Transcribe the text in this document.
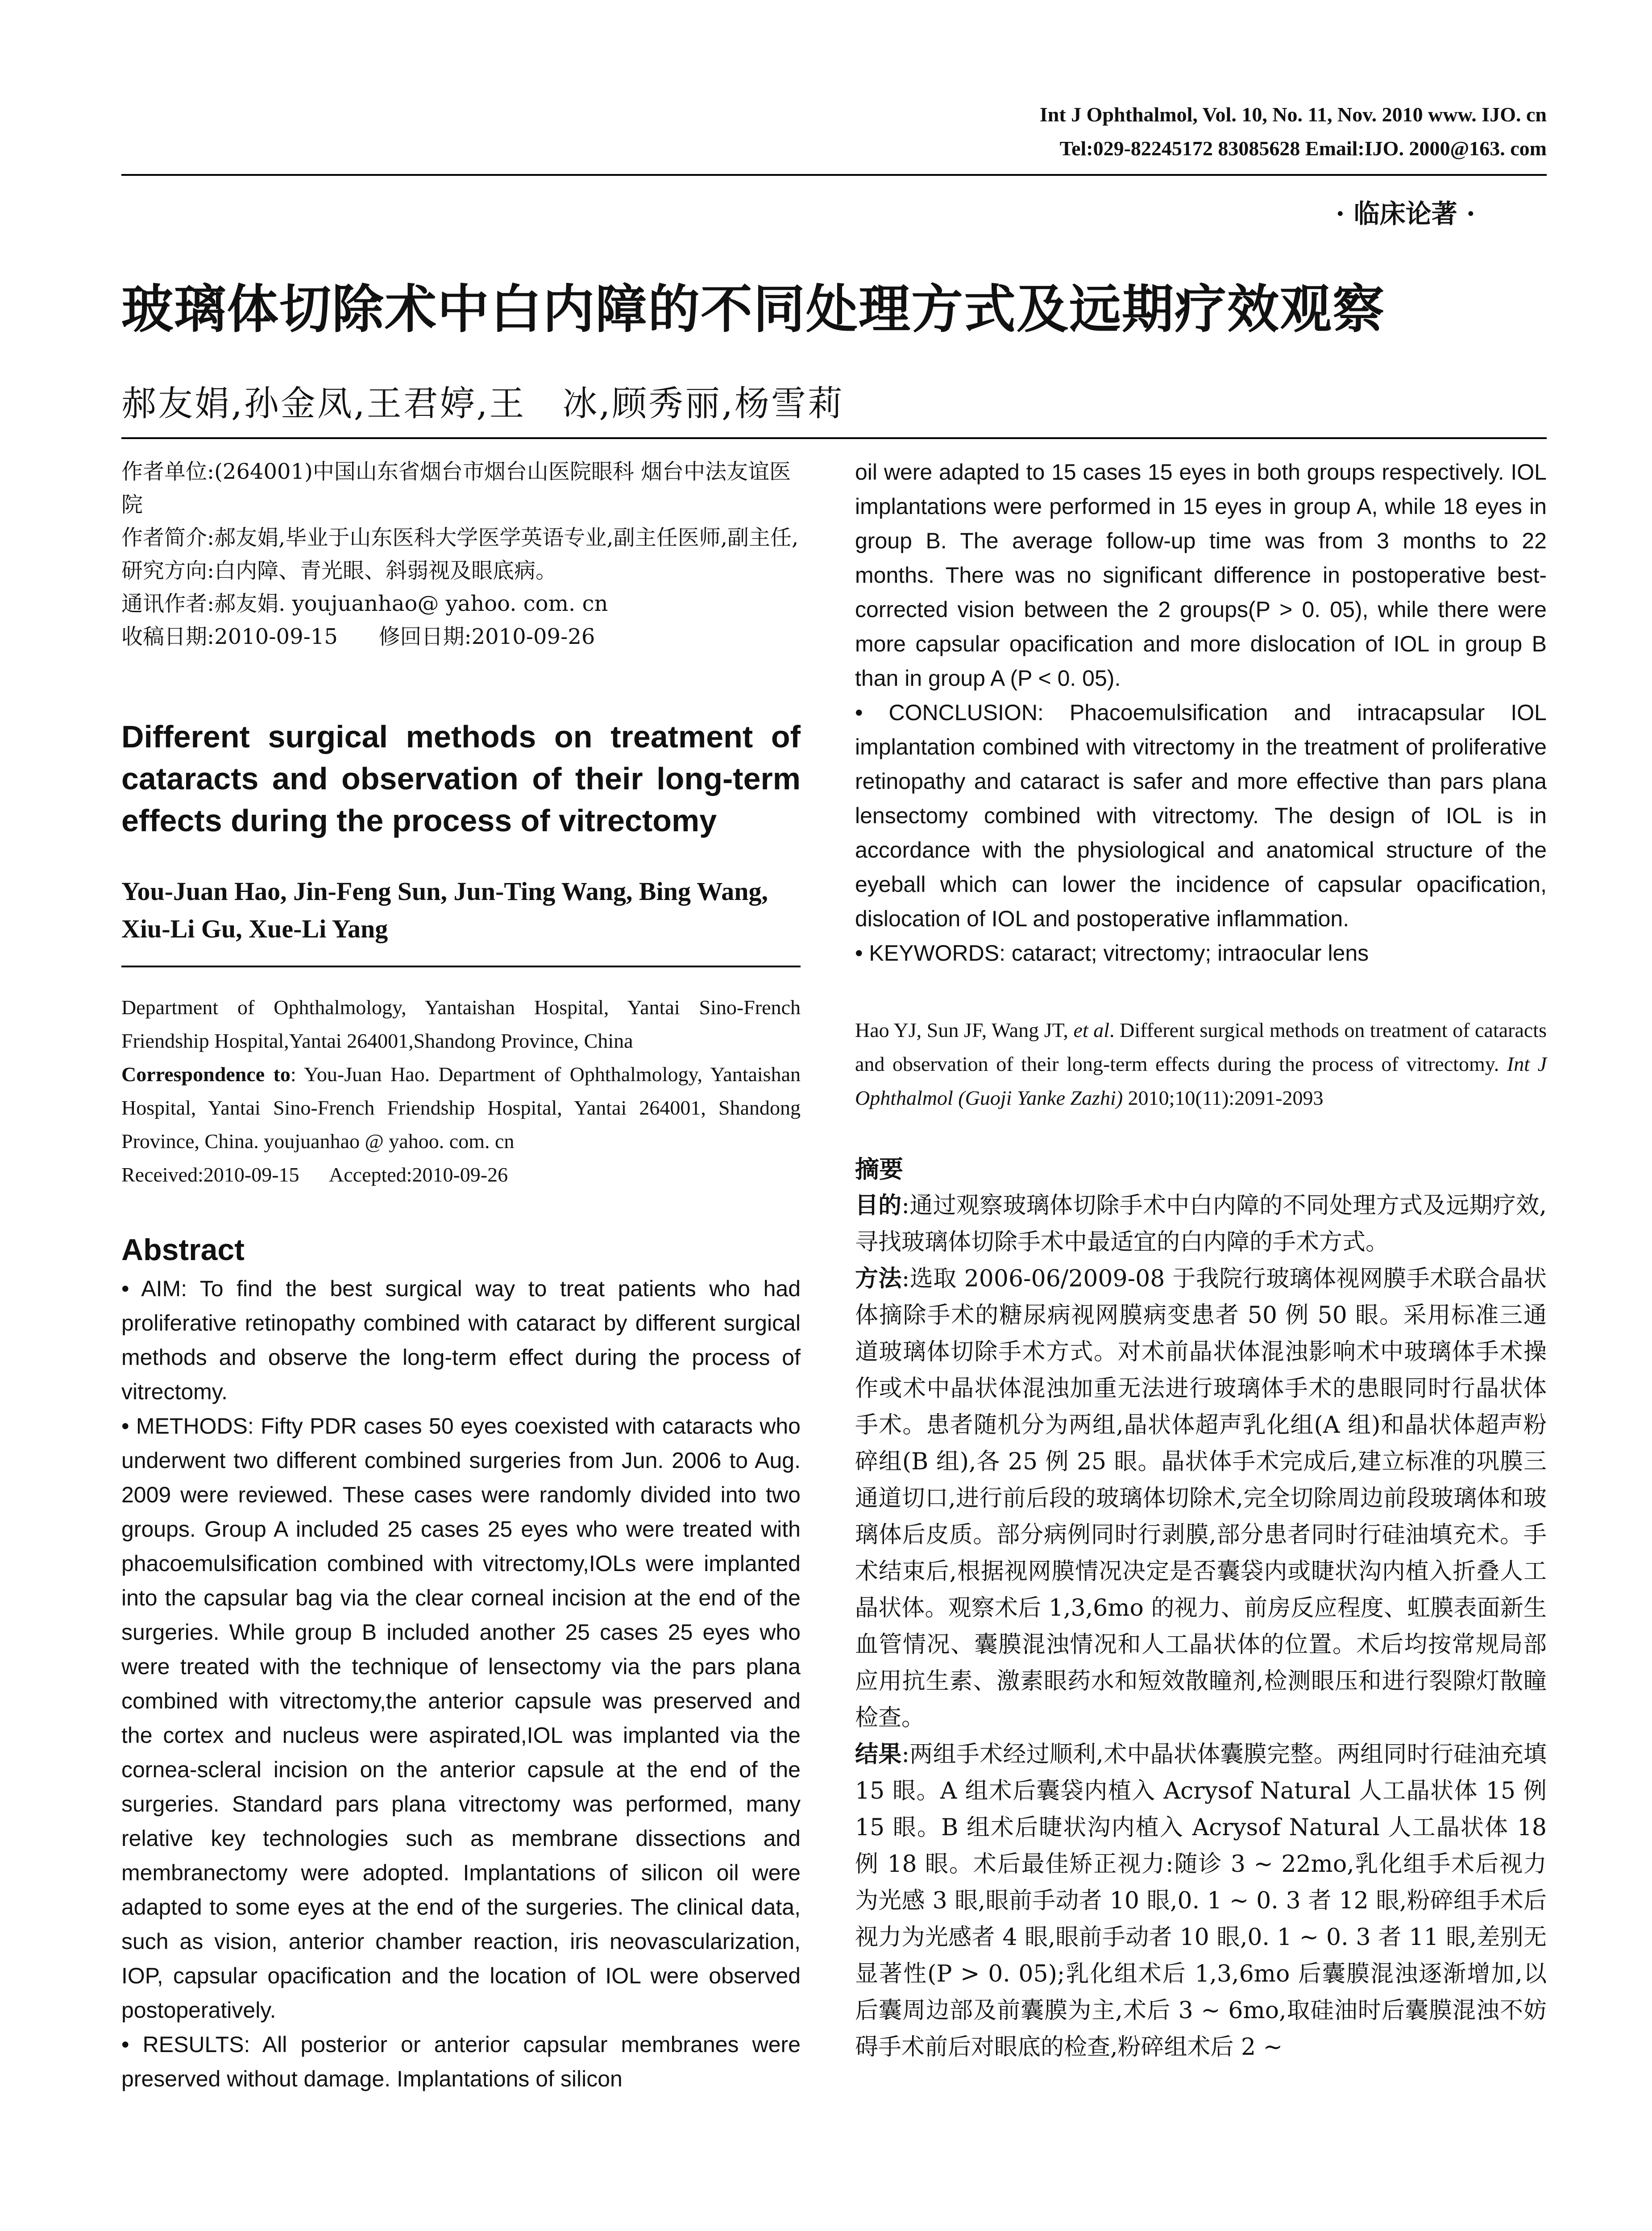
Int J Ophthalmol, Vol. 10, No. 11, Nov. 2010 www. IJO. cn
Tel:029-82245172 83085628 Email:IJO. 2000@163. com
· 临床论著 ·
玻璃体切除术中白内障的不同处理方式及远期疗效观察
郝友娟,孙金凤,王君婷,王　冰,顾秀丽,杨雪莉

作者单位:(264001)中国山东省烟台市烟台山医院眼科 烟台中法友谊医院

作者简介:郝友娟,毕业于山东医科大学医学英语专业,副主任医师,副主任,研究方向:白内障、青光眼、斜弱视及眼底病。

通讯作者:郝友娟. youjuanhao@ yahoo. com. cn

收稿日期:2010-09-15      修回日期:2010-09-26

Different surgical methods on treatment of cataracts and observation of their long-term effects during the process of vitrectomy
You-Juan Hao, Jin-Feng Sun, Jun-Ting Wang, Bing Wang, Xiu-Li Gu, Xue-Li Yang

Department of Ophthalmology, Yantaishan Hospital, Yantai Sino-French Friendship Hospital,Yantai 264001,Shandong Province, China

Correspondence to: You-Juan Hao. Department of Ophthalmology, Yantaishan Hospital, Yantai Sino-French Friendship Hospital, Yantai 264001, Shandong Province, China. youjuanhao @ yahoo. com. cn

Received:2010-09-15      Accepted:2010-09-26

Abstract

• AIM: To find the best surgical way to treat patients who had proliferative retinopathy combined with cataract by different surgical methods and observe the long-term effect during the process of vitrectomy.

• METHODS: Fifty PDR cases 50 eyes coexisted with cataracts who underwent two different combined surgeries from Jun. 2006 to Aug. 2009 were reviewed. These cases were randomly divided into two groups. Group A included 25 cases 25 eyes who were treated with phacoemulsification combined with vitrectomy,IOLs were implanted into the capsular bag via the clear corneal incision at the end of the surgeries. While group B included another 25 cases 25 eyes who were treated with the technique of lensectomy via the pars plana combined with vitrectomy,the anterior capsule was preserved and the cortex and nucleus were aspirated,IOL was implanted via the cornea-scleral incision on the anterior capsule at the end of the surgeries. Standard pars plana vitrectomy was performed, many relative key technologies such as membrane dissections and membranectomy were adopted. Implantations of silicon oil were adapted to some eyes at the end of the surgeries. The clinical data, such as vision, anterior chamber reaction, iris neovascularization, IOP, capsular opacification and the location of IOL were observed postoperatively.

• RESULTS: All posterior or anterior capsular membranes were preserved without damage. Implantations of silicon

oil were adapted to 15 cases 15 eyes in both groups respectively. IOL implantations were performed in 15 eyes in group A, while 18 eyes in group B. The average follow-up time was from 3 months to 22 months. There was no significant difference in postoperative best-corrected vision between the 2 groups(P > 0. 05), while there were more capsular opacification and more dislocation of IOL in group B than in group A (P < 0. 05).

• CONCLUSION: Phacoemulsification and intracapsular IOL implantation combined with vitrectomy in the treatment of proliferative retinopathy and cataract is safer and more effective than pars plana lensectomy combined with vitrectomy. The design of IOL is in accordance with the physiological and anatomical structure of the eyeball which can lower the incidence of capsular opacification, dislocation of IOL and postoperative inflammation.

• KEYWORDS: cataract; vitrectomy; intraocular lens

Hao YJ, Sun JF, Wang JT, et al. Different surgical methods on treatment of cataracts and observation of their long-term effects during the process of vitrectomy. Int J Ophthalmol (Guoji Yanke Zazhi) 2010;10(11):2091-2093
摘要

目的:通过观察玻璃体切除手术中白内障的不同处理方式及远期疗效,寻找玻璃体切除手术中最适宜的白内障的手术方式。

方法:选取 2006-06/2009-08 于我院行玻璃体视网膜手术联合晶状体摘除手术的糖尿病视网膜病变患者 50 例 50 眼。采用标准三通道玻璃体切除手术方式。对术前晶状体混浊影响术中玻璃体手术操作或术中晶状体混浊加重无法进行玻璃体手术的患眼同时行晶状体手术。患者随机分为两组,晶状体超声乳化组(A 组)和晶状体超声粉碎组(B 组),各 25 例 25 眼。晶状体手术完成后,建立标准的巩膜三通道切口,进行前后段的玻璃体切除术,完全切除周边前段玻璃体和玻璃体后皮质。部分病例同时行剥膜,部分患者同时行硅油填充术。手术结束后,根据视网膜情况决定是否囊袋内或睫状沟内植入折叠人工晶状体。观察术后 1,3,6mo 的视力、前房反应程度、虹膜表面新生血管情况、囊膜混浊情况和人工晶状体的位置。术后均按常规局部应用抗生素、激素眼药水和短效散瞳剂,检测眼压和进行裂隙灯散瞳检查。

结果:两组手术经过顺利,术中晶状体囊膜完整。两组同时行硅油充填 15 眼。A 组术后囊袋内植入 Acrysof Natural 人工晶状体 15 例 15 眼。B 组术后睫状沟内植入 Acrysof Natural 人工晶状体 18 例 18 眼。术后最佳矫正视力:随诊 3 ~ 22mo,乳化组手术后视力为光感 3 眼,眼前手动者 10 眼,0. 1 ~ 0. 3 者 12 眼,粉碎组手术后视力为光感者 4 眼,眼前手动者 10 眼,0. 1 ~ 0. 3 者 11 眼,差别无显著性(P > 0. 05);乳化组术后 1,3,6mo 后囊膜混浊逐渐增加,以后囊周边部及前囊膜为主,术后 3 ~ 6mo,取硅油时后囊膜混浊不妨碍手术前后对眼底的检查,粉碎组术后 2 ~
